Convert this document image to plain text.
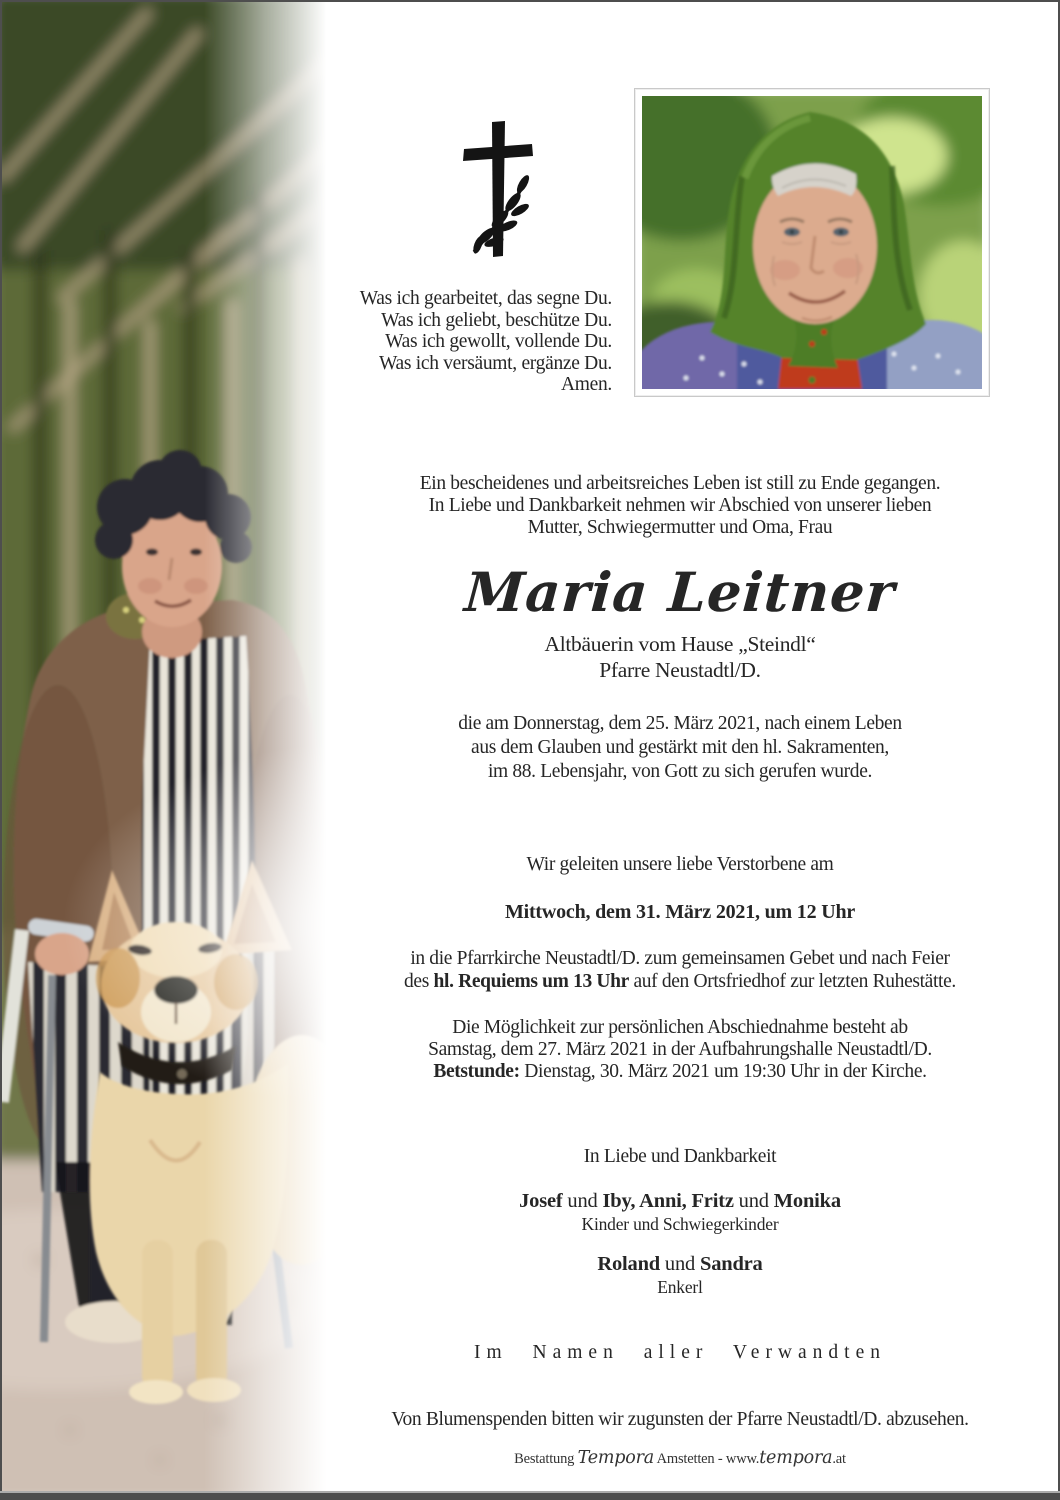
Was ich gearbeitet, das segne Du.
Was ich geliebt, beschütze Du.
Was ich gewollt, vollende Du.
Was ich versäumt, ergänze Du.
Amen.
Ein bescheidenes und arbeitsreiches Leben ist still zu Ende gegangen.
In Liebe und Dankbarkeit nehmen wir Abschied von unserer lieben
Mutter, Schwiegermutter und Oma, Frau
Maria Leitner
Altbäuerin vom Hause „Steindl“
Pfarre Neustadtl/D.
die am Donnerstag, dem 25. März 2021, nach einem Leben
aus dem Glauben und gestärkt mit den hl. Sakramenten,
im 88. Lebensjahr, von Gott zu sich gerufen wurde.
Wir geleiten unsere liebe Verstorbene am
Mittwoch, dem 31. März 2021, um 12 Uhr
in die Pfarrkirche Neustadtl/D. zum gemeinsamen Gebet und nach Feier
des hl. Requiems um 13 Uhr auf den Ortsfriedhof zur letzten Ruhestätte.
Die Möglichkeit zur persönlichen Abschiednahme besteht ab
Samstag, dem 27. März 2021 in der Aufbahrungshalle Neustadtl/D.
Betstunde: Dienstag, 30. März 2021 um 19:30 Uhr in der Kirche.
In Liebe und Dankbarkeit
Josef und Iby, Anni, Fritz und Monika
Kinder und Schwiegerkinder
Roland und Sandra
Enkerl
Im Namen aller Verwandten
Von Blumenspenden bitten wir zugunsten der Pfarre Neustadtl/D. abzusehen.
Bestattung Tempora Amstetten - www.tempora.at
